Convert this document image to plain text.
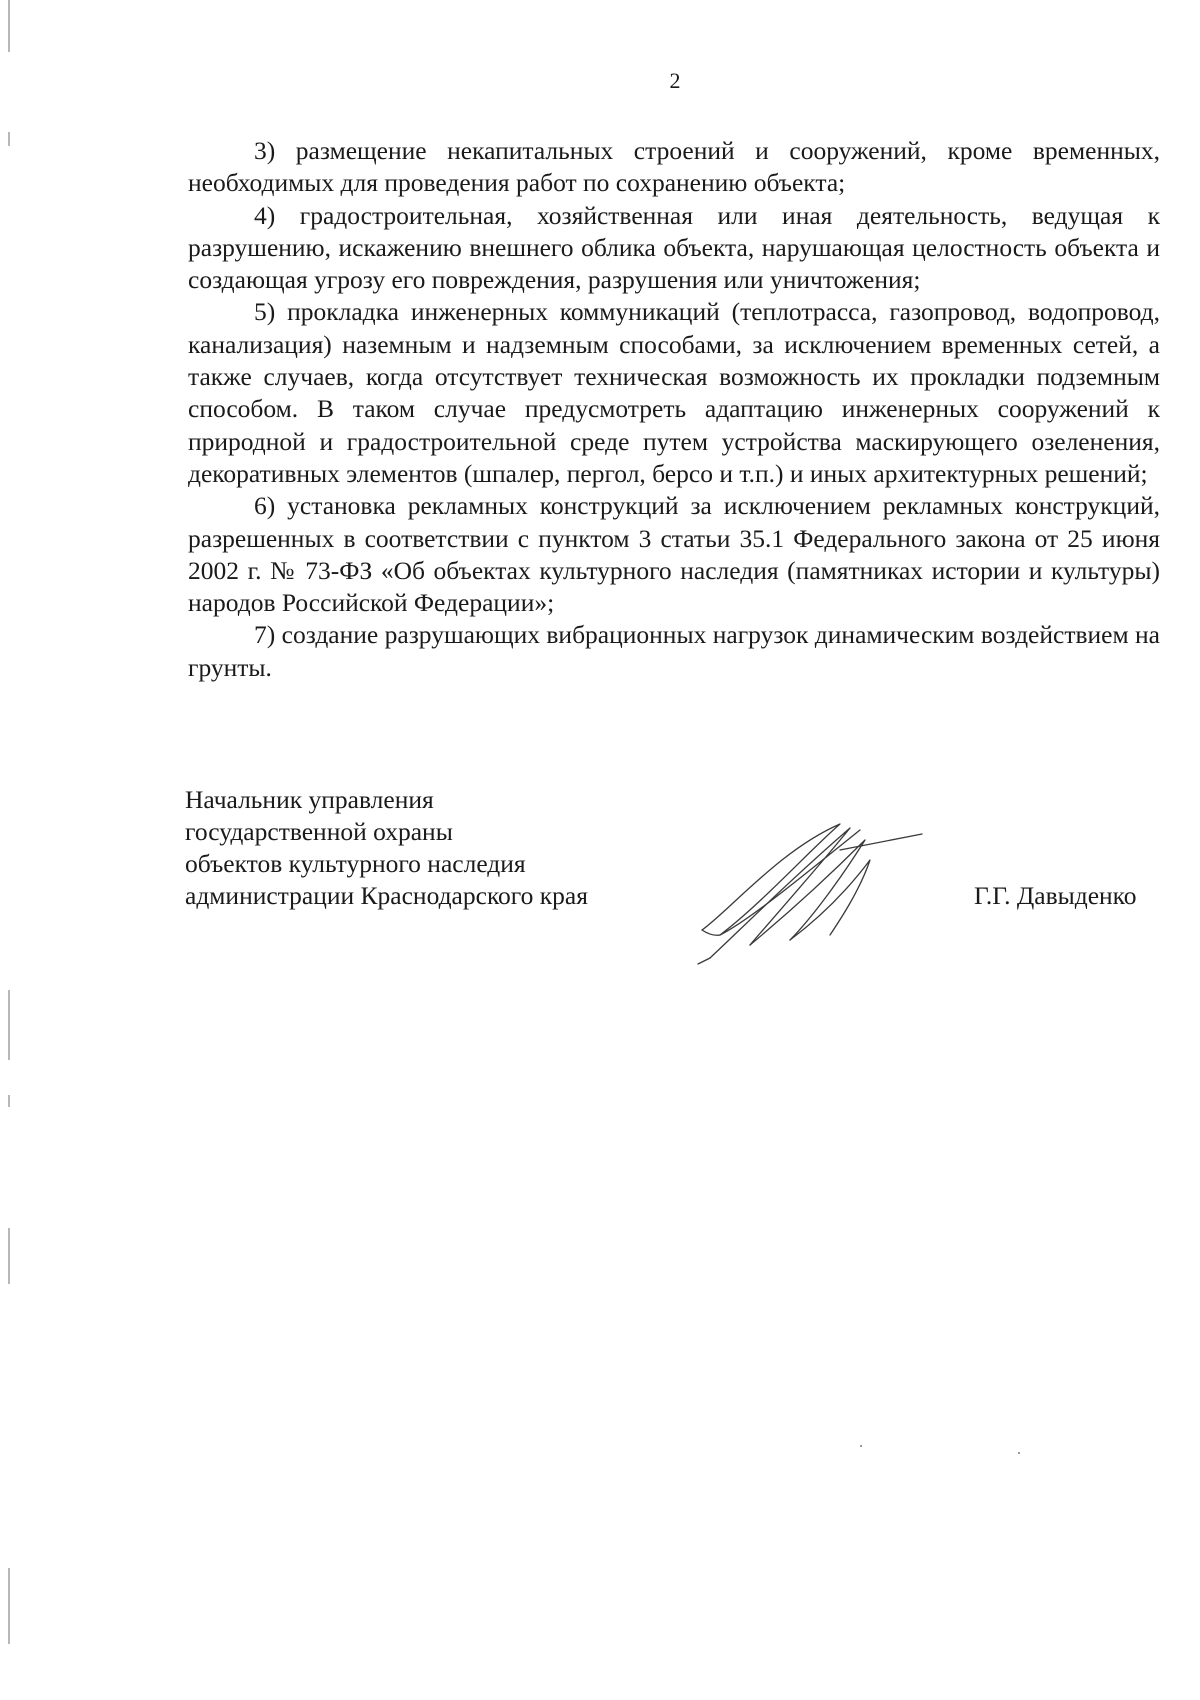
2

3) размещение некапитальных строений и сооружений, кроме временных, необходимых для проведения работ по сохранению объекта;

4) градостроительная, хозяйственная или иная деятельность, ведущая к разрушению, искажению внешнего облика объекта, нарушающая целостность объекта и создающая угрозу его повреждения, разрушения или уничтожения;

5) прокладка инженерных коммуникаций (теплотрасса, газопровод, водопровод, канализация) наземным и надземным способами, за исключением временных сетей, а также случаев, когда отсутствует техническая возможность их прокладки подземным способом. В таком случае предусмотреть адаптацию инженерных сооружений к природной и градостроительной среде путем устройства маскирующего озеленения, декоративных элементов (шпалер, пергол, берсо и т.п.) и иных архитектурных решений;

6) установка рекламных конструкций за исключением рекламных конструкций, разрешенных в соответствии с пунктом 3 статьи 35.1 Федерального закона от 25 июня 2002 г. № 73-ФЗ «Об объектах культурного наследия (памятниках истории и культуры) народов Российской Федерации»;

7) создание разрушающих вибрационных нагрузок динамическим воздействием на грунты.

Начальник управления
государственной охраны
объектов культурного наследия
администрации Краснодарского края	Г.Г. Давыденко
